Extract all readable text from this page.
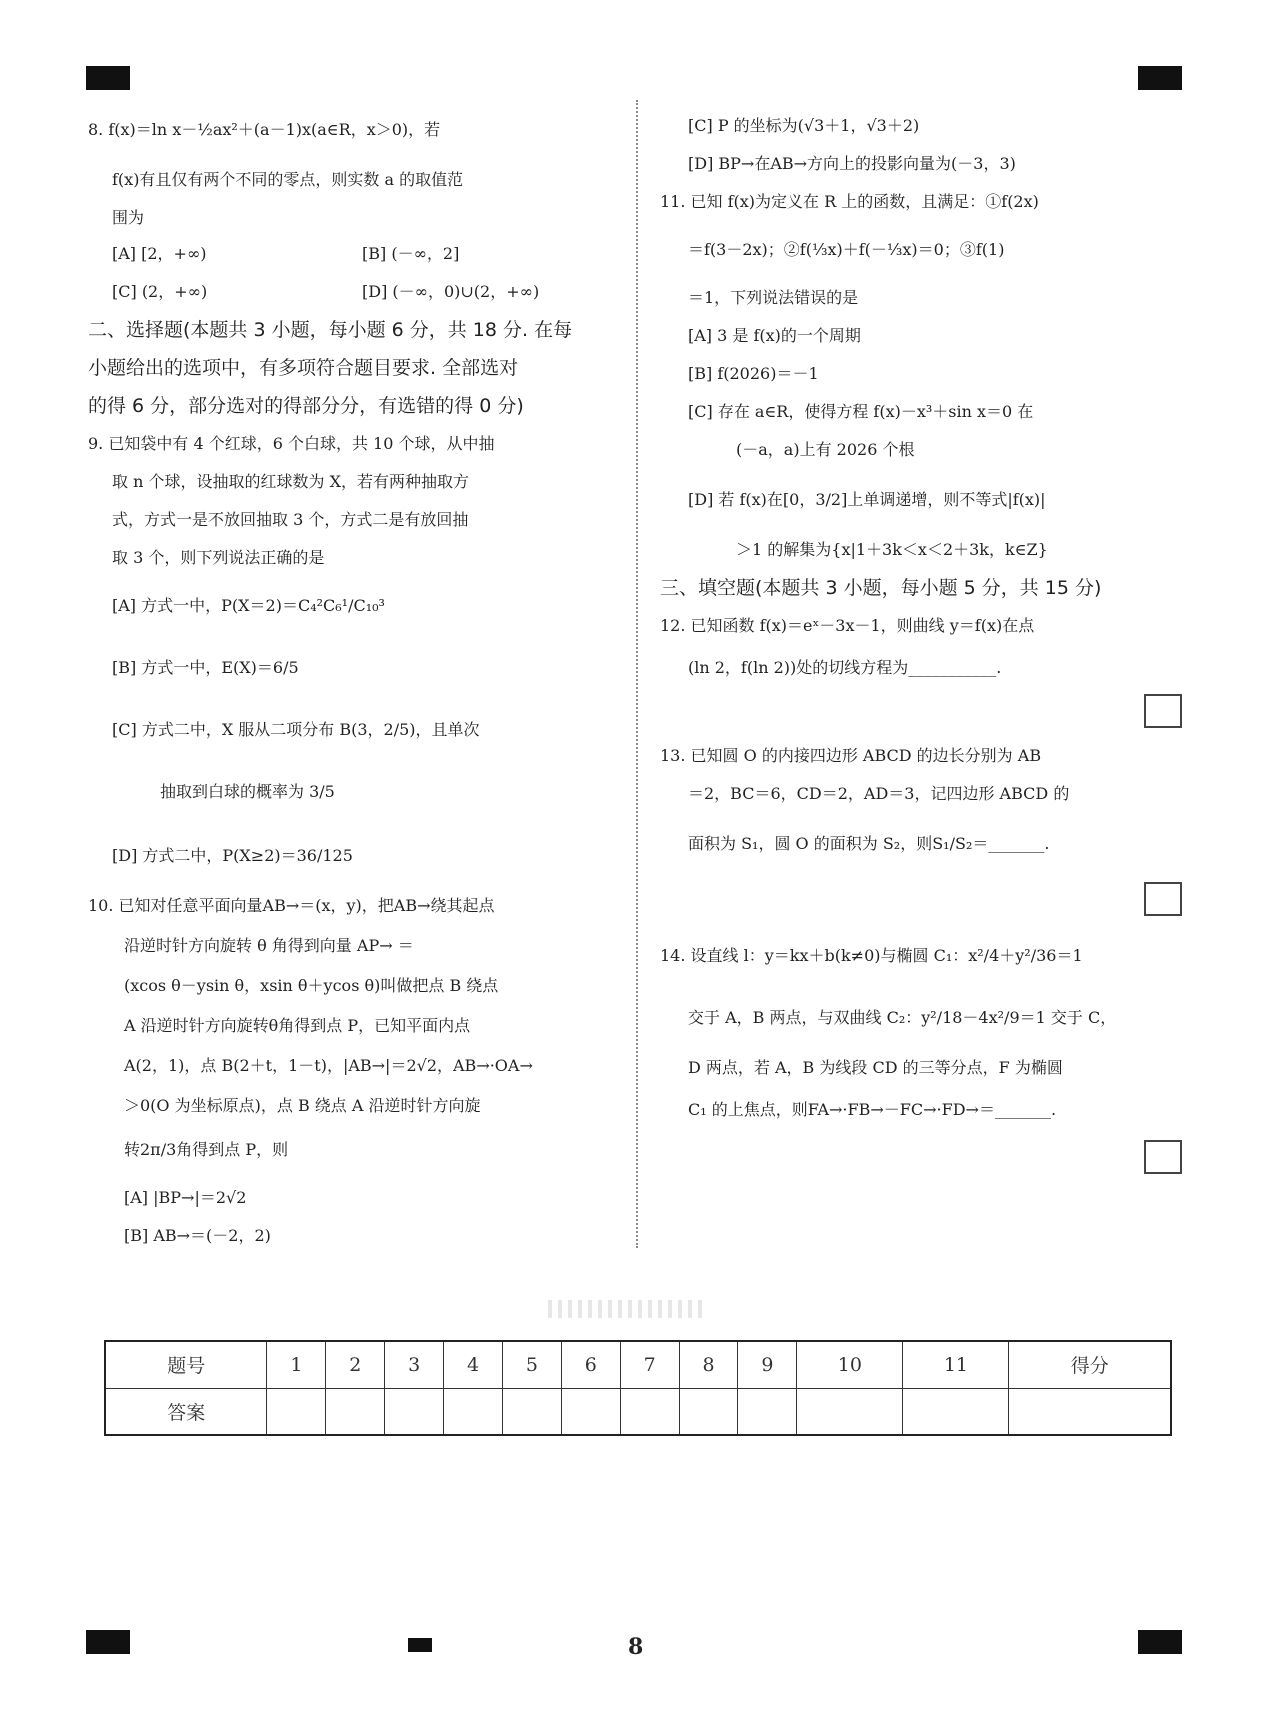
8. f(x)＝ln x－½ax²＋(a－1)x(a∈R，x＞0)，若
f(x)有且仅有两个不同的零点，则实数 a 的取值范
围为
[A] [2，+∞)	[B] (－∞，2]
[C] (2，+∞)	[D] (－∞，0)∪(2，+∞)
二、选择题(本题共 3 小题，每小题 6 分，共 18 分. 在每
小题给出的选项中，有多项符合题目要求. 全部选对
的得 6 分，部分选对的得部分分，有选错的得 0 分)
9. 已知袋中有 4 个红球，6 个白球，共 10 个球，从中抽
取 n 个球，设抽取的红球数为 X，若有两种抽取方
式，方式一是不放回抽取 3 个，方式二是有放回抽
取 3 个，则下列说法正确的是
[A] 方式一中，P(X＝2)＝C₄²C₆¹/C₁₀³
[B] 方式一中，E(X)＝6/5
[C] 方式二中，X 服从二项分布 B(3，2/5)，且单次
抽取到白球的概率为 3/5
[D] 方式二中，P(X≥2)＝36/125
10. 已知对任意平面向量AB→＝(x，y)，把AB→绕其起点
沿逆时针方向旋转 θ 角得到向量 AP→ ＝
(xcos θ－ysin θ，xsin θ＋ycos θ)叫做把点 B 绕点
A 沿逆时针方向旋转θ角得到点 P，已知平面内点
A(2，1)，点 B(2＋t，1－t)，|AB→|＝2√2，AB→·OA→
＞0(O 为坐标原点)，点 B 绕点 A 沿逆时针方向旋
转2π/3角得到点 P，则
[A] |BP→|＝2√2
[B] AB→＝(－2，2)
[C] P 的坐标为(√3＋1，√3＋2)
[D] BP→在AB→方向上的投影向量为(－3，3)
11. 已知 f(x)为定义在 R 上的函数，且满足：①f(2x)
＝f(3－2x)；②f(⅓x)＋f(－⅓x)＝0；③f(1)
＝1，下列说法错误的是
[A] 3 是 f(x)的一个周期
[B] f(2026)＝－1
[C] 存在 a∈R，使得方程 f(x)－x³＋sin x＝0 在
(－a，a)上有 2026 个根
[D] 若 f(x)在[0，3/2]上单调递增，则不等式|f(x)|
＞1 的解集为{x|1＋3k＜x＜2＋3k，k∈Z}
三、填空题(本题共 3 小题，每小题 5 分，共 15 分)
12. 已知函数 f(x)＝eˣ－3x－1，则曲线 y＝f(x)在点
(ln 2，f(ln 2))处的切线方程为___________.
13. 已知圆 O 的内接四边形 ABCD 的边长分别为 AB
＝2，BC＝6，CD＝2，AD＝3，记四边形 ABCD 的
面积为 S₁，圆 O 的面积为 S₂，则S₁/S₂＝_______.
14. 设直线 l：y＝kx＋b(k≠0)与椭圆 C₁：x²/4＋y²/36＝1
交于 A，B 两点，与双曲线 C₂：y²/18－4x²/9＝1 交于 C，
D 两点，若 A，B 为线段 CD 的三等分点，F 为椭圆
C₁ 的上焦点，则FA→·FB→－FC→·FD→＝_______.
题号	1	2	3	4	5	6	7	8	9	10	11	得分
答案												
8
